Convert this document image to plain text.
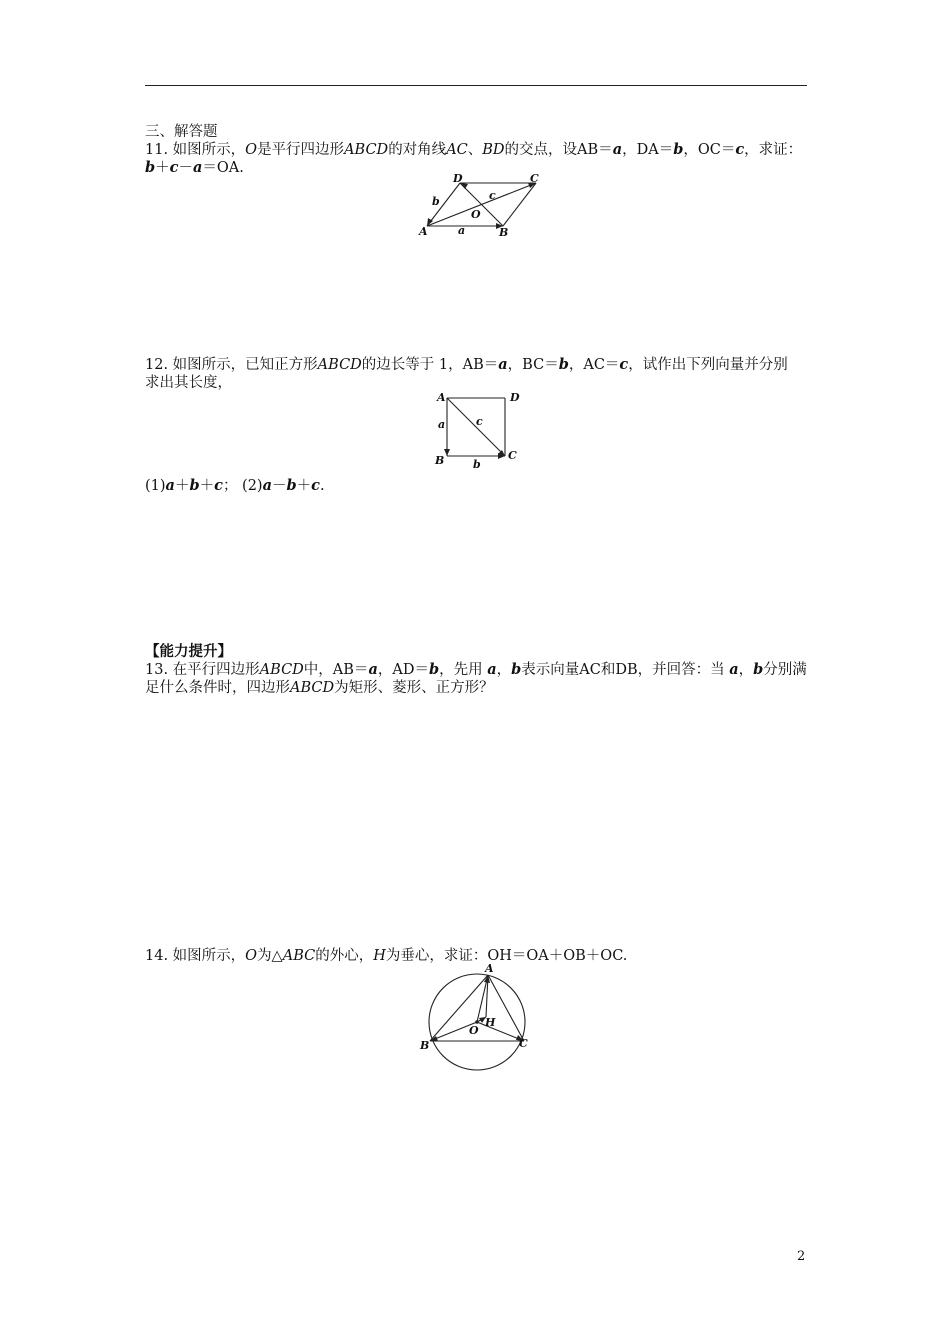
三、解答题
11. 如图所示，O是平行四边形ABCD的对角线AC、BD的交点，设AB＝a，DA＝b，OC＝c，求证：
b＋c－a＝OA.
A	B
C
D
O
a
b	c
12. 如图所示，已知正方形ABCD的边长等于 1，AB＝a，BC＝b，AC＝c，试作出下列向量并分别
求出其长度，
A	D
B	C
a
b
c
(1)a＋b＋c； (2)a－b＋c.
【能力提升】
13. 在平行四边形ABCD中，AB＝a，AD＝b，先用 a，b表示向量AC和DB，并回答：当 a，b分别满
足什么条件时，四边形ABCD为矩形、菱形、正方形？
14. 如图所示，O为△ABC的外心，H为垂心，求证：OH＝OA＋OB＋OC.
A
B	C
O
H
2
